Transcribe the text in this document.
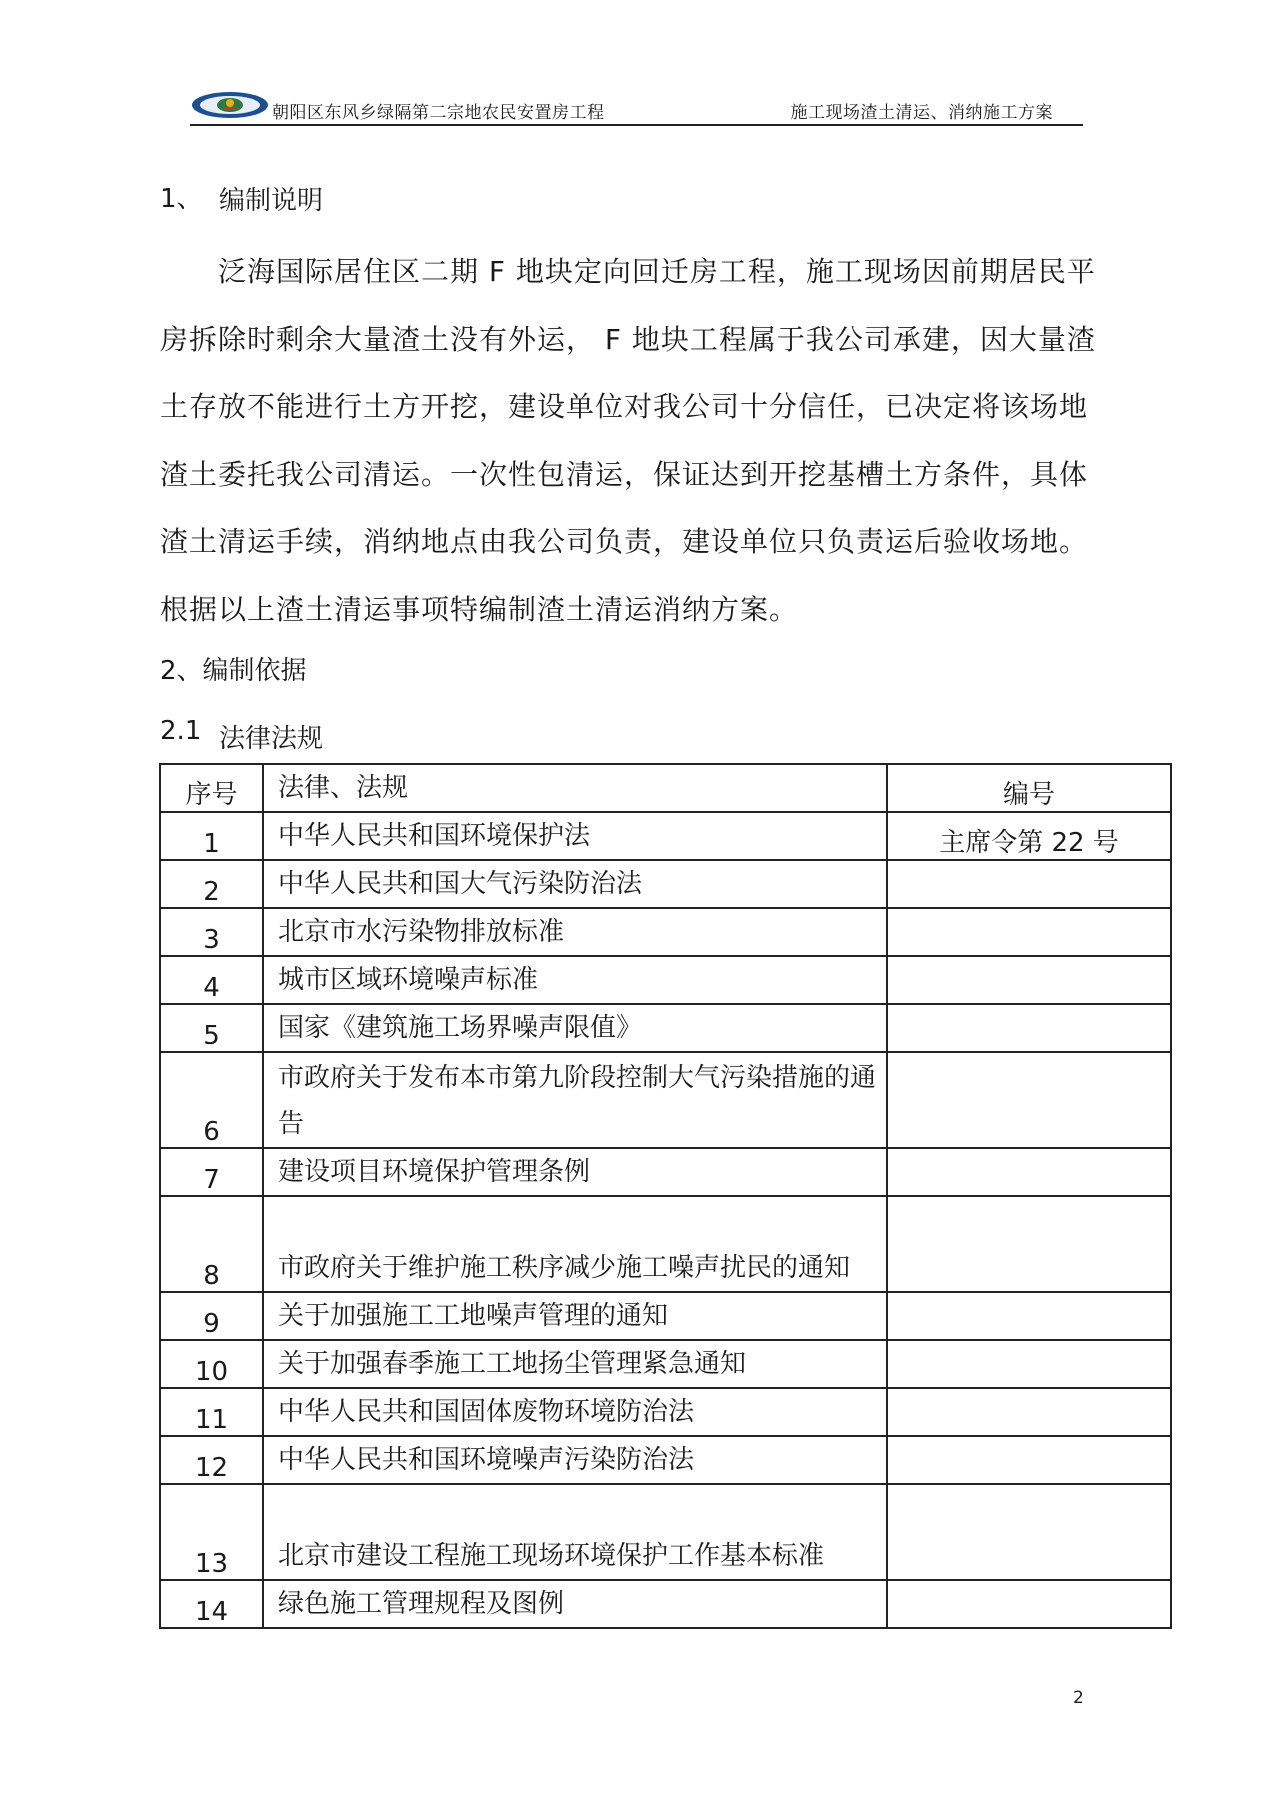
朝阳区东风乡绿隔第二宗地农民安置房工程	施工现场渣土清运、消纳施工方案
1、 编制说明
泛海国际居住区二期 F 地块定向回迁房工程，施工现场因前期居民平
房拆除时剩余大量渣土没有外运， F 地块工程属于我公司承建，因大量渣
土存放不能进行土方开挖，建设单位对我公司十分信任，已决定将该场地
渣土委托我公司清运。一次性包清运，保证达到开挖基槽土方条件，具体
渣土清运手续，消纳地点由我公司负责，建设单位只负责运后验收场地。
根据以上渣土清运事项特编制渣土清运消纳方案。
2、编制依据
2.1 法律法规
序号	法律、法规	编号
1	中华人民共和国环境保护法	主席令第 22 号
2	中华人民共和国大气污染防治法	
3	北京市水污染物排放标准	
4	城市区域环境噪声标准	
5	国家《建筑施工场界噪声限值》	
6	市政府关于发布本市第九阶段控制大气污染措施的通告	
7	建设项目环境保护管理条例	
8	市政府关于维护施工秩序减少施工噪声扰民的通知	
9	关于加强施工工地噪声管理的通知	
10	关于加强春季施工工地扬尘管理紧急通知	
11	中华人民共和国固体废物环境防治法	
12	中华人民共和国环境噪声污染防治法	
13	北京市建设工程施工现场环境保护工作基本标准	
14	绿色施工管理规程及图例	
2
